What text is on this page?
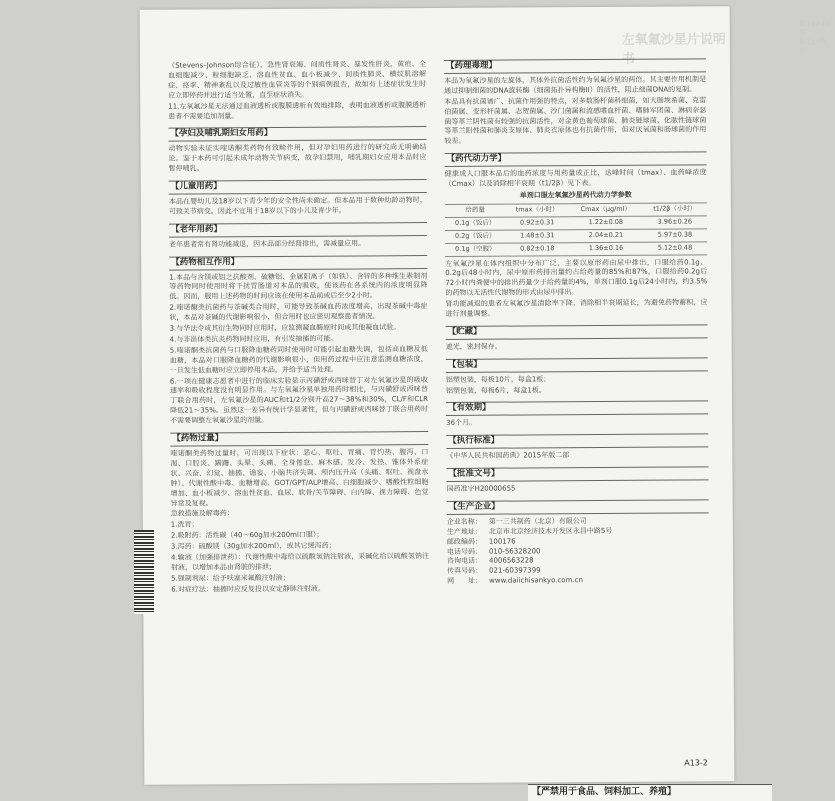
左氧氟沙星片说明书
0.1g×10片
0.1g×6片

（Stevens–Johnson综合征）、急性肾衰竭、间质性肾炎、暴发性肝炎、黄疸、全血细胞减少、粒细胞缺乏、溶血性贫血、血小板减少、间质性肺炎、横纹肌溶解症、痉挛、精神紊乱以及过敏性血管炎等的个别病例报告，故如有上述症状发生时应立即停药并进行适当处置，直至症状消失。

11.左氧氟沙星无法通过血液透析或腹膜透析有效地排除，表明血液透析或腹膜透析患者不需要追加剂量。

【孕妇及哺乳期妇女用药】

动物实验未证实喹诺酮类药物有致畸作用，但对孕妇用药进行的研究尚无明确结论。鉴于本药可引起未成年动物关节病变，故孕妇禁用，哺乳期妇女应用本品时应暂停哺乳。

【儿童用药】

本品在婴幼儿及18岁以下青少年的安全性尚未确定。但本品用于数种幼龄动物时，可致关节病变。因此不宜用于18岁以下的小儿及青少年。

【老年用药】

老年患者常有肾功能减退，因本品部分经肾排出，需减量应用。

【药物相互作用】

1.本品与含镁或铝之抗酸剂、硫糖铝、金属阳离子（如铁）、含锌的多种维生素制剂等药物同时使用时将干扰胃肠道对本品的吸收，使该药在各系统内的浓度明显降低。因而，服用上述药物的时间应该在使用本品前或后至少2小时。

2.喹诺酮类抗菌药与茶碱类合用时，可能导致茶碱血药浓度增高，出现茶碱中毒症状，本品对茶碱的代谢影响很小，但合用时也应密切观察患者情况。

3.与华法令或其衍生物同时应用时，应监测凝血酶原时间或其他凝血试验。

4.与非甾体类抗炎药物同时应用，有引发抽搐的可能。

5.喹诺酮类抗菌药与口服降血糖药同时使用时可能引起血糖失调，包括高血糖及低血糖，本品对口服降血糖药的代谢影响很小，但用药过程中应注意监测血糖浓度，一旦发生低血糖时应立即停用本品，并给予适当处理。

6.一项在健康志愿者中进行的临床实验显示丙磺舒或西咪替丁对左氧氟沙星的吸收速率和吸收程度没有明显作用。与左氧氟沙星单独用药时相比，与丙磺舒或西咪替丁联合用药时，左氧氟沙星的AUC和t1/2分别升高27～38%和30%，CL/F和CLR降低21～35%。虽然这一差异有统计学显著性，但与丙磺舒或西咪替丁联合用药时不需要调整左氧氟沙星的剂量。

【药物过量】

喹诺酮类药物过量时，可出现以下症状：恶心、呕吐、胃痛、胃灼热、腹泻、口渴、口腔炎、蹒跚、头晕、头痛、全身倦怠、麻木感、发冷、发热、锥体外系症状、兴奋、幻觉、抽搐、谵妄、小脑共济失调、颅内压升高（头痛、呕吐、视盘水肿）、代谢性酸中毒、血糖增高、GOT/GPT/ALP增高、白细胞减少、嗜酸性粒细胞增加、血小板减少、溶血性贫血、血尿、软骨/关节障碍、白内障、视力障碍、色觉异常及复视。

急救措施及解毒药：

1.洗胃；

2.吸附药：活性碳（40～60g加水200ml口服）；

3.泻药：硫酸镁（30g加水200ml），或其它缓泻药；

4.输液（加强排泄药）：代谢性酸中毒给以硫酸氢钠注射液，采碱化给以硫酸氢钠注射液，以增加本品由肾脏的排泄；

5.强制利尿：给予呋塞米氟酸注射液；

6.对症疗法：抽搐时应反复投以安定静脉注射液。

【药理毒理】

本品为氧氟沙星的左旋体，其体外抗菌活性约为氧氟沙星的两倍。其主要作用机制是通过抑制细菌的DNA旋转酶（细菌拓扑异构酶II）的活性，阻止细菌DNA的复制。

本品具有抗菌谱广、抗菌作用强的特点，对多数肠杆菌科细菌，如大肠埃希菌、克雷伯菌属、变形杆菌属、志贺菌属、沙门菌属和流感嗜血杆菌、嗜肺军团菌、淋病奈瑟菌等革兰阴性菌有较强的抗菌活性，对金黄色葡萄球菌、肺炎链球菌、化脓性链球菌等革兰阳性菌和肺炎支原体、肺炎衣原体也有抗菌作用，但对厌氧菌和肠球菌的作用较差。

【药代动力学】

健康成人口服本品后的血药浓度与用药量成正比，达峰时间（tmax）、血药峰浓度（Cmax）以及消除相半衰期（t1/2β）见下表。

单剂口服左氧氟沙星药代动力学参数
给药量	tmax（小时）	Cmax（μg/ml）	t1/2β（小时）
0.1g（饭后）	0.92±0.31	1.22±0.08	3.96±0.26
0.2g（饭后）	1.48±0.31	2.04±0.21	5.97±0.38
0.1g（空腹）	0.82±0.18	1.36±0.16	5.12±0.48

左氧氟沙星在体内组织中分布广泛，主要以原形药由尿中排出，口服给药0.1g、0.2g后48小时内，尿中原形药排出量约占给药量的85%和87%，口服给药0.2g后72小时内粪便中的排出药量少于给药量的4%，单剂口服0.1g后24小时内，约3.5%的药物以无活性代谢物的形式由尿中排出。

肾功能减退的患者左氧氟沙星清除率下降，消除相半衰期延长，为避免药物蓄积，应进行剂量调整。

【贮藏】

遮光，密封保存。

【包装】

铝塑包装，每板10片，每盒1板；

铝塑包装，每板6片，每盒1板。

【有效期】

36个月。

【执行标准】

《中华人民共和国药典》2015年版二部

【批准文号】

国药准字H20000655

【生产企业】
企业名称： 第一三共制药（北京）有限公司
生产地址： 北京市北京经济技术开发区永昌中路5号
邮政编码： 100176
电话号码： 010-56328200
咨询电话： 4006563228
传真号码： 021-60397399
网　　址： www.daiichisankyo.com.cn
A13-2
【严禁用于食品、饲料加工、养殖】
